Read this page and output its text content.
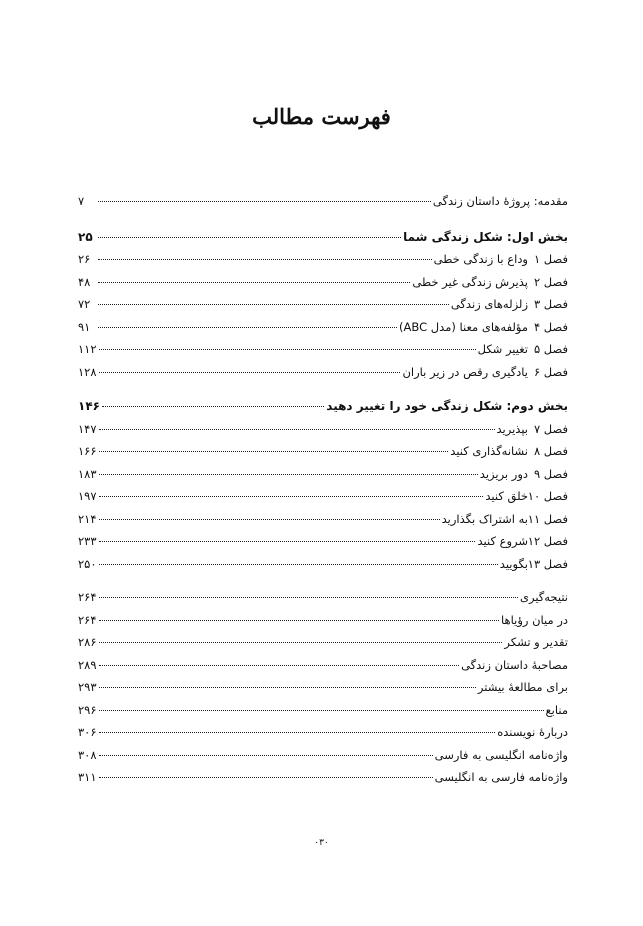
فهرست مطالب
مقدمه: پروژهٔ داستان زندگی
۷
بخش اول: شکل زندگی شما
۲۵
فصل ۱
وداع با زندگی خطی
۲۶
فصل ۲
پذیرش زندگی غیر خطی
۴۸
فصل ۳
زلزله‌های زندگی
۷۲
فصل ۴
مؤلفه‌های معنا (مدل ABC)
۹۱
فصل ۵
تغییر شکل
۱۱۲
فصل ۶
یادگیری رقص در زیر باران
۱۲۸
بخش دوم: شکل زندگی خود را تغییر دهید
۱۴۶
فصل ۷
بپذیرید
۱۴۷
فصل ۸
نشانه‌گذاری کنید
۱۶۶
فصل ۹
دور بریزید
۱۸۳
فصل ۱۰
خلق کنید
۱۹۷
فصل ۱۱
به اشتراک بگذارید
۲۱۴
فصل ۱۲
شروع کنید
۲۳۳
فصل ۱۳
بگویید
۲۵۰
نتیجه‌گیری
۲۶۴
در میان رؤیاها
۲۶۴
تقدیر و تشکر
۲۸۶
مصاحبهٔ داستان زندگی
۲۸۹
برای مطالعهٔ بیشتر
۲۹۳
منابع
۲۹۶
دربارهٔ نویسنده
۳۰۶
واژه‌نامه انگلیسی به فارسی
۳۰۸
واژه‌نامه فارسی به انگلیسی
۳۱۱
۰۳۰
